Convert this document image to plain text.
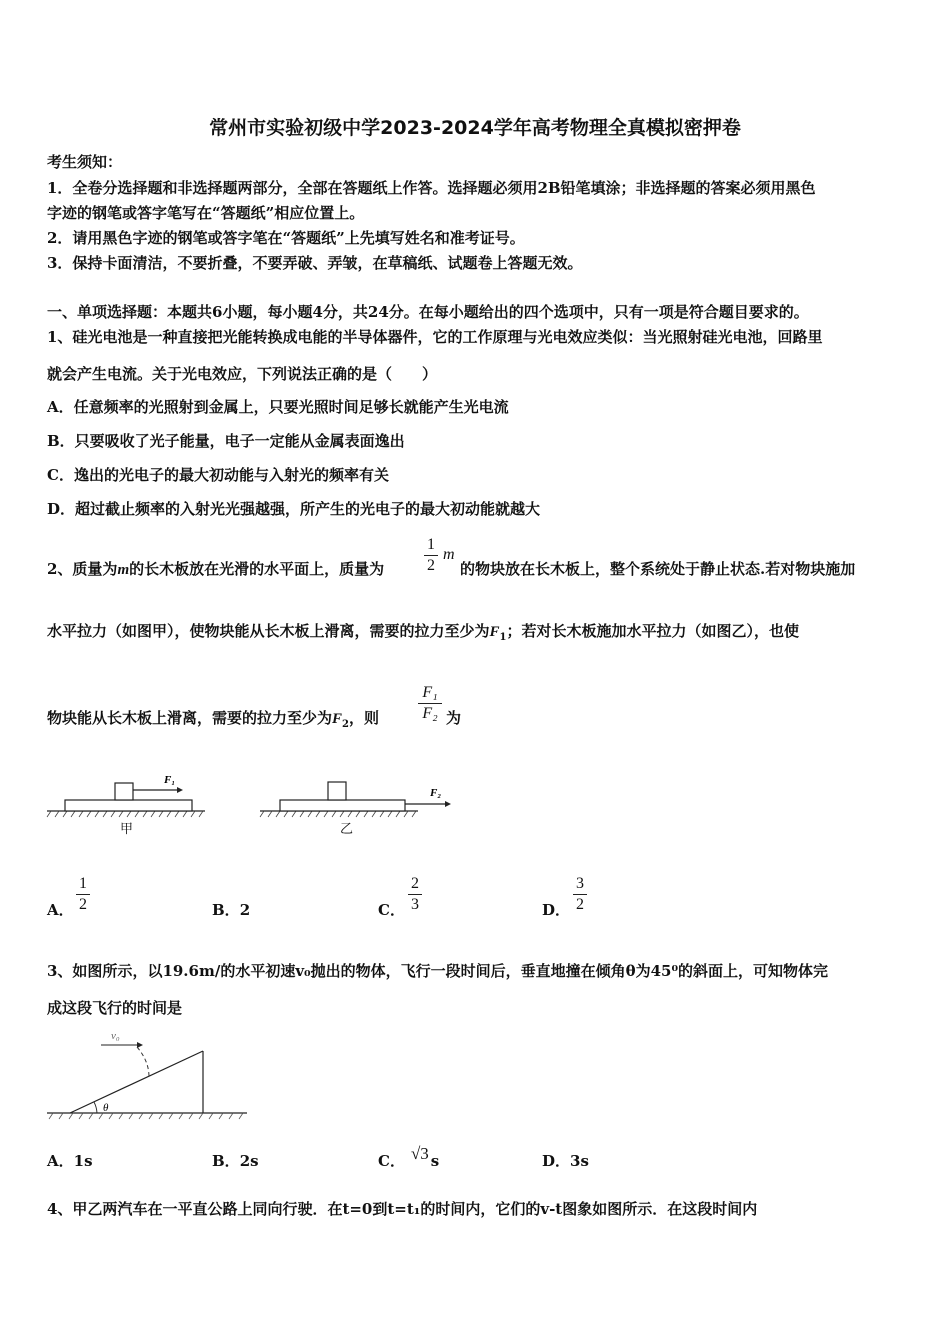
常州市实验初级中学2023-2024学年高考物理全真模拟密押卷
考生须知：
1．全卷分选择题和非选择题两部分，全部在答题纸上作答。选择题必须用2B铅笔填涂；非选择题的答案必须用黑色
字迹的钢笔或答字笔写在“答题纸”相应位置上。
2．请用黑色字迹的钢笔或答字笔在“答题纸”上先填写姓名和准考证号。
3．保持卡面清洁，不要折叠，不要弄破、弄皱，在草稿纸、试题卷上答题无效。
一、单项选择题：本题共6小题，每小题4分，共24分。在每小题给出的四个选项中，只有一项是符合题目要求的。
1、硅光电池是一种直接把光能转换成电能的半导体器件，它的工作原理与光电效应类似：当光照射硅光电池，回路里
就会产生电流。关于光电效应，下列说法正确的是（　　）
A．任意频率的光照射到金属上，只要光照时间足够长就能产生光电流
B．只要吸收了光子能量，电子一定能从金属表面逸出
C．逸出的光电子的最大初动能与入射光的频率有关
D．超过截止频率的入射光光强越强，所产生的光电子的最大初动能就越大
2、质量为m的长木板放在光滑的水平面上，质量为
1
2
m
的物块放在长木板上，整个系统处于静止状态.若对物块施加
水平拉力（如图甲），使物块能从长木板上滑离，需要的拉力至少为$F_1$；若对长木板施加水平拉力（如图乙），也使
物块能从长木板上滑离，需要的拉力至少为$F_2$，则
F₁
F₂ 为
F₁
甲
F₂
乙
A．
1
2	B．2	C．
2
3	D．
3
2
3、如图所示，以19.6m/的水平初速v₀抛出的物体，飞行一段时间后，垂直地撞在倾角θ为45⁰的斜面上，可知物体完
成这段飞行的时间是
v₀
θ
A．1s	B．2s	C． √3 s	D．3s
4、甲乙两汽车在一平直公路上同向行驶．在t=0到t=t₁的时间内，它们的v-t图象如图所示．在这段时间内
